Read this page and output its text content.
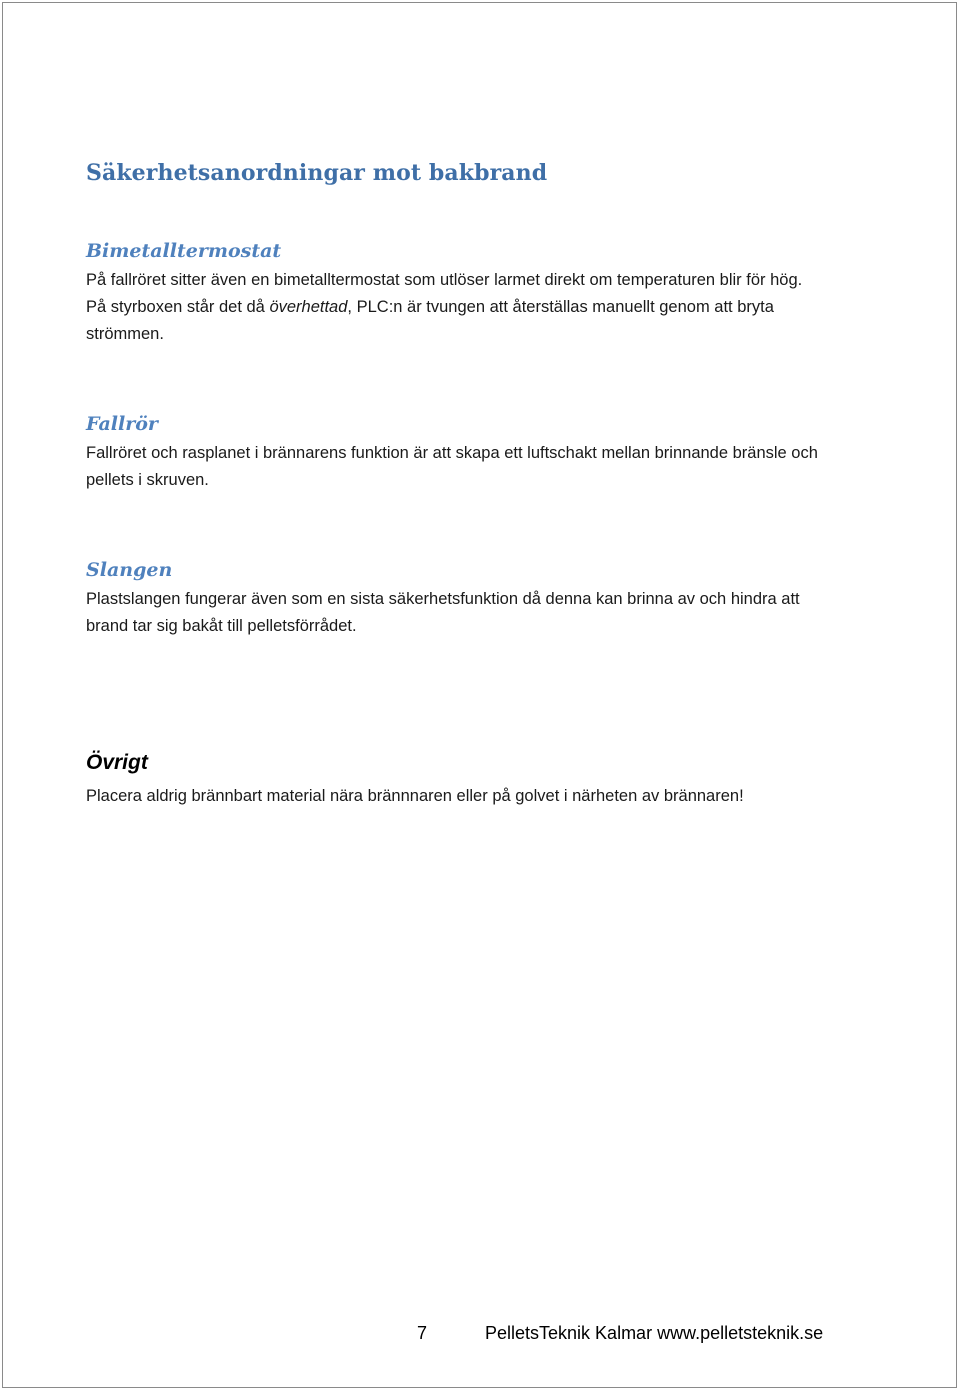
Säkerhetsanordningar mot bakbrand
Bimetalltermostat

På fallröret sitter även en bimetalltermostat som utlöser larmet direkt om temperaturen blir för hög.
På styrboxen står det då överhettad, PLC:n är tvungen att återställas manuellt genom att bryta
strömmen.

Fallrör

Fallröret och rasplanet i brännarens funktion är att skapa ett luftschakt mellan brinnande bränsle och
pellets i skruven.

Slangen

Plastslangen fungerar även som en sista säkerhetsfunktion då denna kan brinna av och hindra att
brand tar sig bakåt till pelletsförrådet.

Övrigt

Placera aldrig brännbart material nära brännnaren eller på golvet i närheten av brännaren!

7	PelletsTeknik Kalmar www.pelletsteknik.se
